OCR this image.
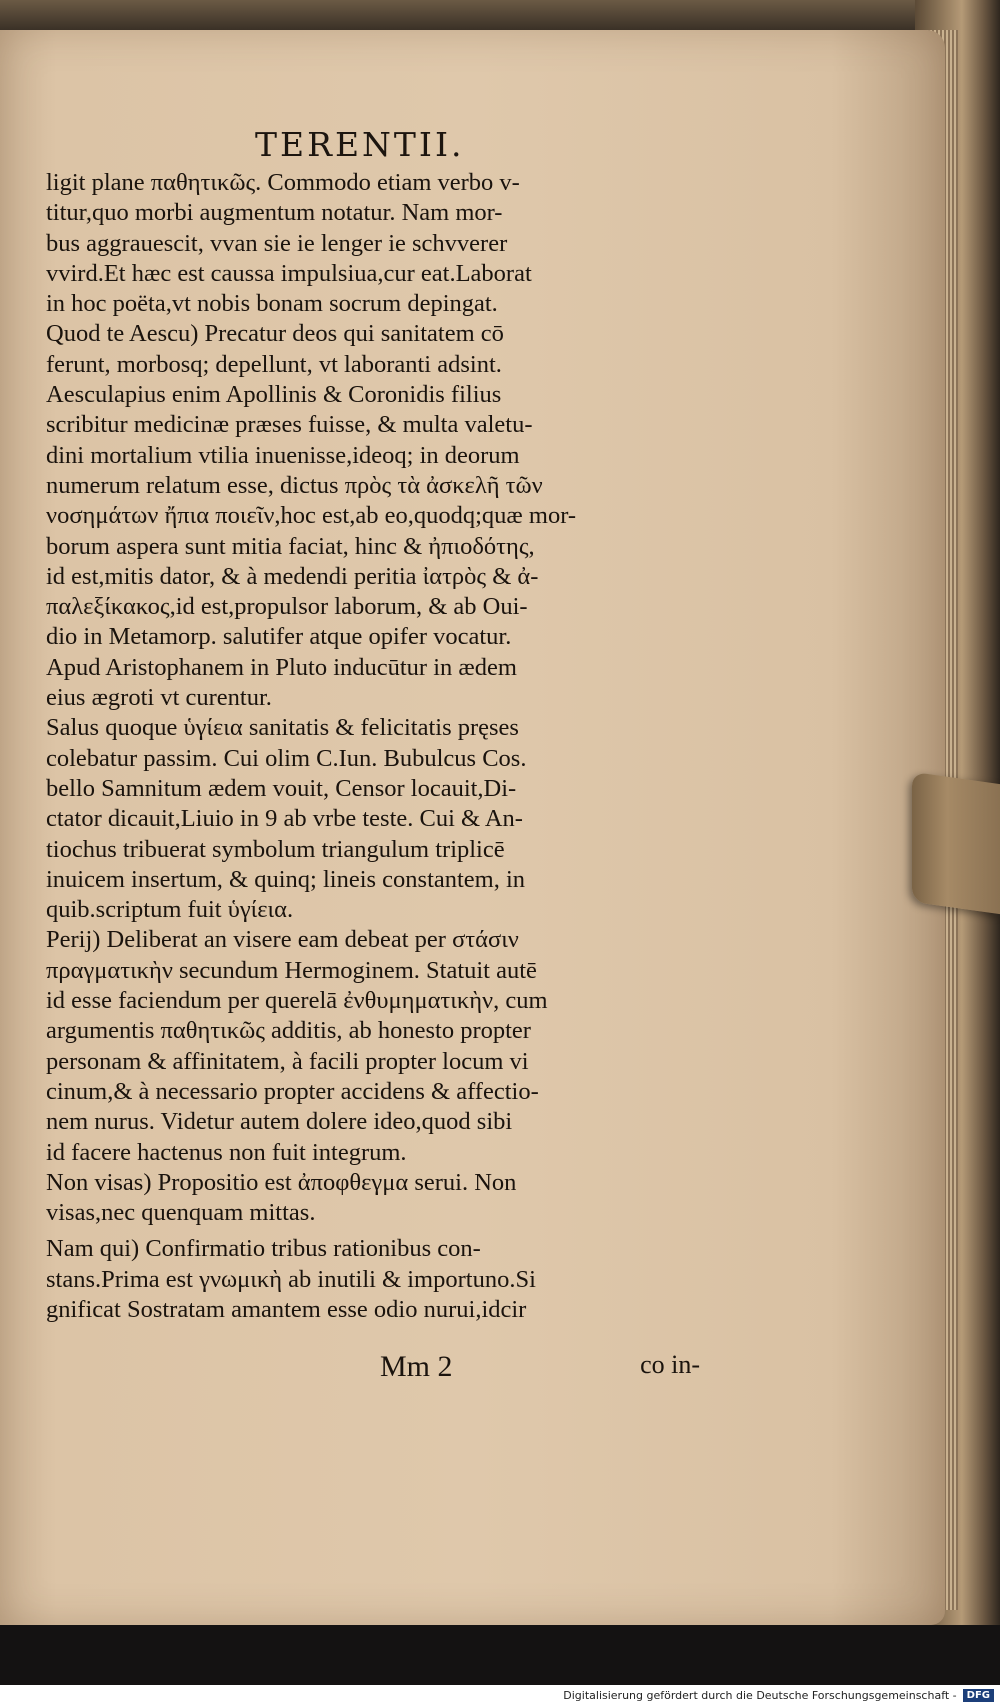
TERENTII.
ligit plane παθητικῶς. Commodo etiam verbo v-
titur,quo morbi augmentum notatur. Nam mor-
bus aggrauescit, vvan sie ie lenger ie schvverer
vvird.Et hæc est caussa impulsiua,cur eat.Laborat
in hoc poëta,vt nobis bonam socrum depingat.
Quod te Aescu) Precatur deos qui sanitatem cō
ferunt, morbosq; depellunt, vt laboranti adsint.
Aesculapius enim Apollinis & Coronidis filius
scribitur medicinæ præses fuisse, & multa valetu-
dini mortalium vtilia inuenisse,ideoq; in deorum
numerum relatum esse, dictus πρὸς τὰ ἀσκελῆ τῶν
νοσημάτων ἤπια ποιεῖν,hoc est,ab eo,quodq;quæ mor-
borum aspera sunt mitia faciat, hinc & ἠπιοδότης,
id est,mitis dator, & à medendi peritia ἰατρὸς & ἀ-
παλεξίκακος,id est,propulsor laborum, & ab Oui-
dio in Metamorp. salutifer atque opifer vocatur.
Apud Aristophanem in Pluto inducūtur in ædem
eius ægroti vt curentur.
Salus quoque ὑγίεια sanitatis & felicitatis pręses
colebatur passim. Cui olim C.Iun. Bubulcus Cos.
bello Samnitum ædem vouit, Censor locauit,Di-
ctator dicauit,Liuio in 9 ab vrbe teste. Cui & An-
tiochus tribuerat symbolum triangulum triplicē
inuicem insertum, & quinq; lineis constantem, in
quib.scriptum fuit ὑγίεια.
Perij) Deliberat an visere eam debeat per στάσιν
πραγματικὴν secundum Hermoginem. Statuit autē
id esse faciendum per querelā ἐνθυμηματικὴν, cum
argumentis παθητικῶς additis, ab honesto propter
personam & affinitatem, à facili propter locum vi
cinum,& à necessario propter accidens & affectio-
nem nurus. Videtur autem dolere ideo,quod sibi
id facere hactenus non fuit integrum.
Non visas) Propositio est ἀποφθεγμα serui. Non
visas,nec quenquam mittas.
Nam qui) Confirmatio tribus rationibus con-
stans.Prima est γνωμικὴ ab inutili & importuno.Si
gnificat Sostratam amantem esse odio nurui,idcir
Mm 2	co in-
Digitalisierung gefördert durch die Deutsche Forschungsgemeinschaft -	DFG
